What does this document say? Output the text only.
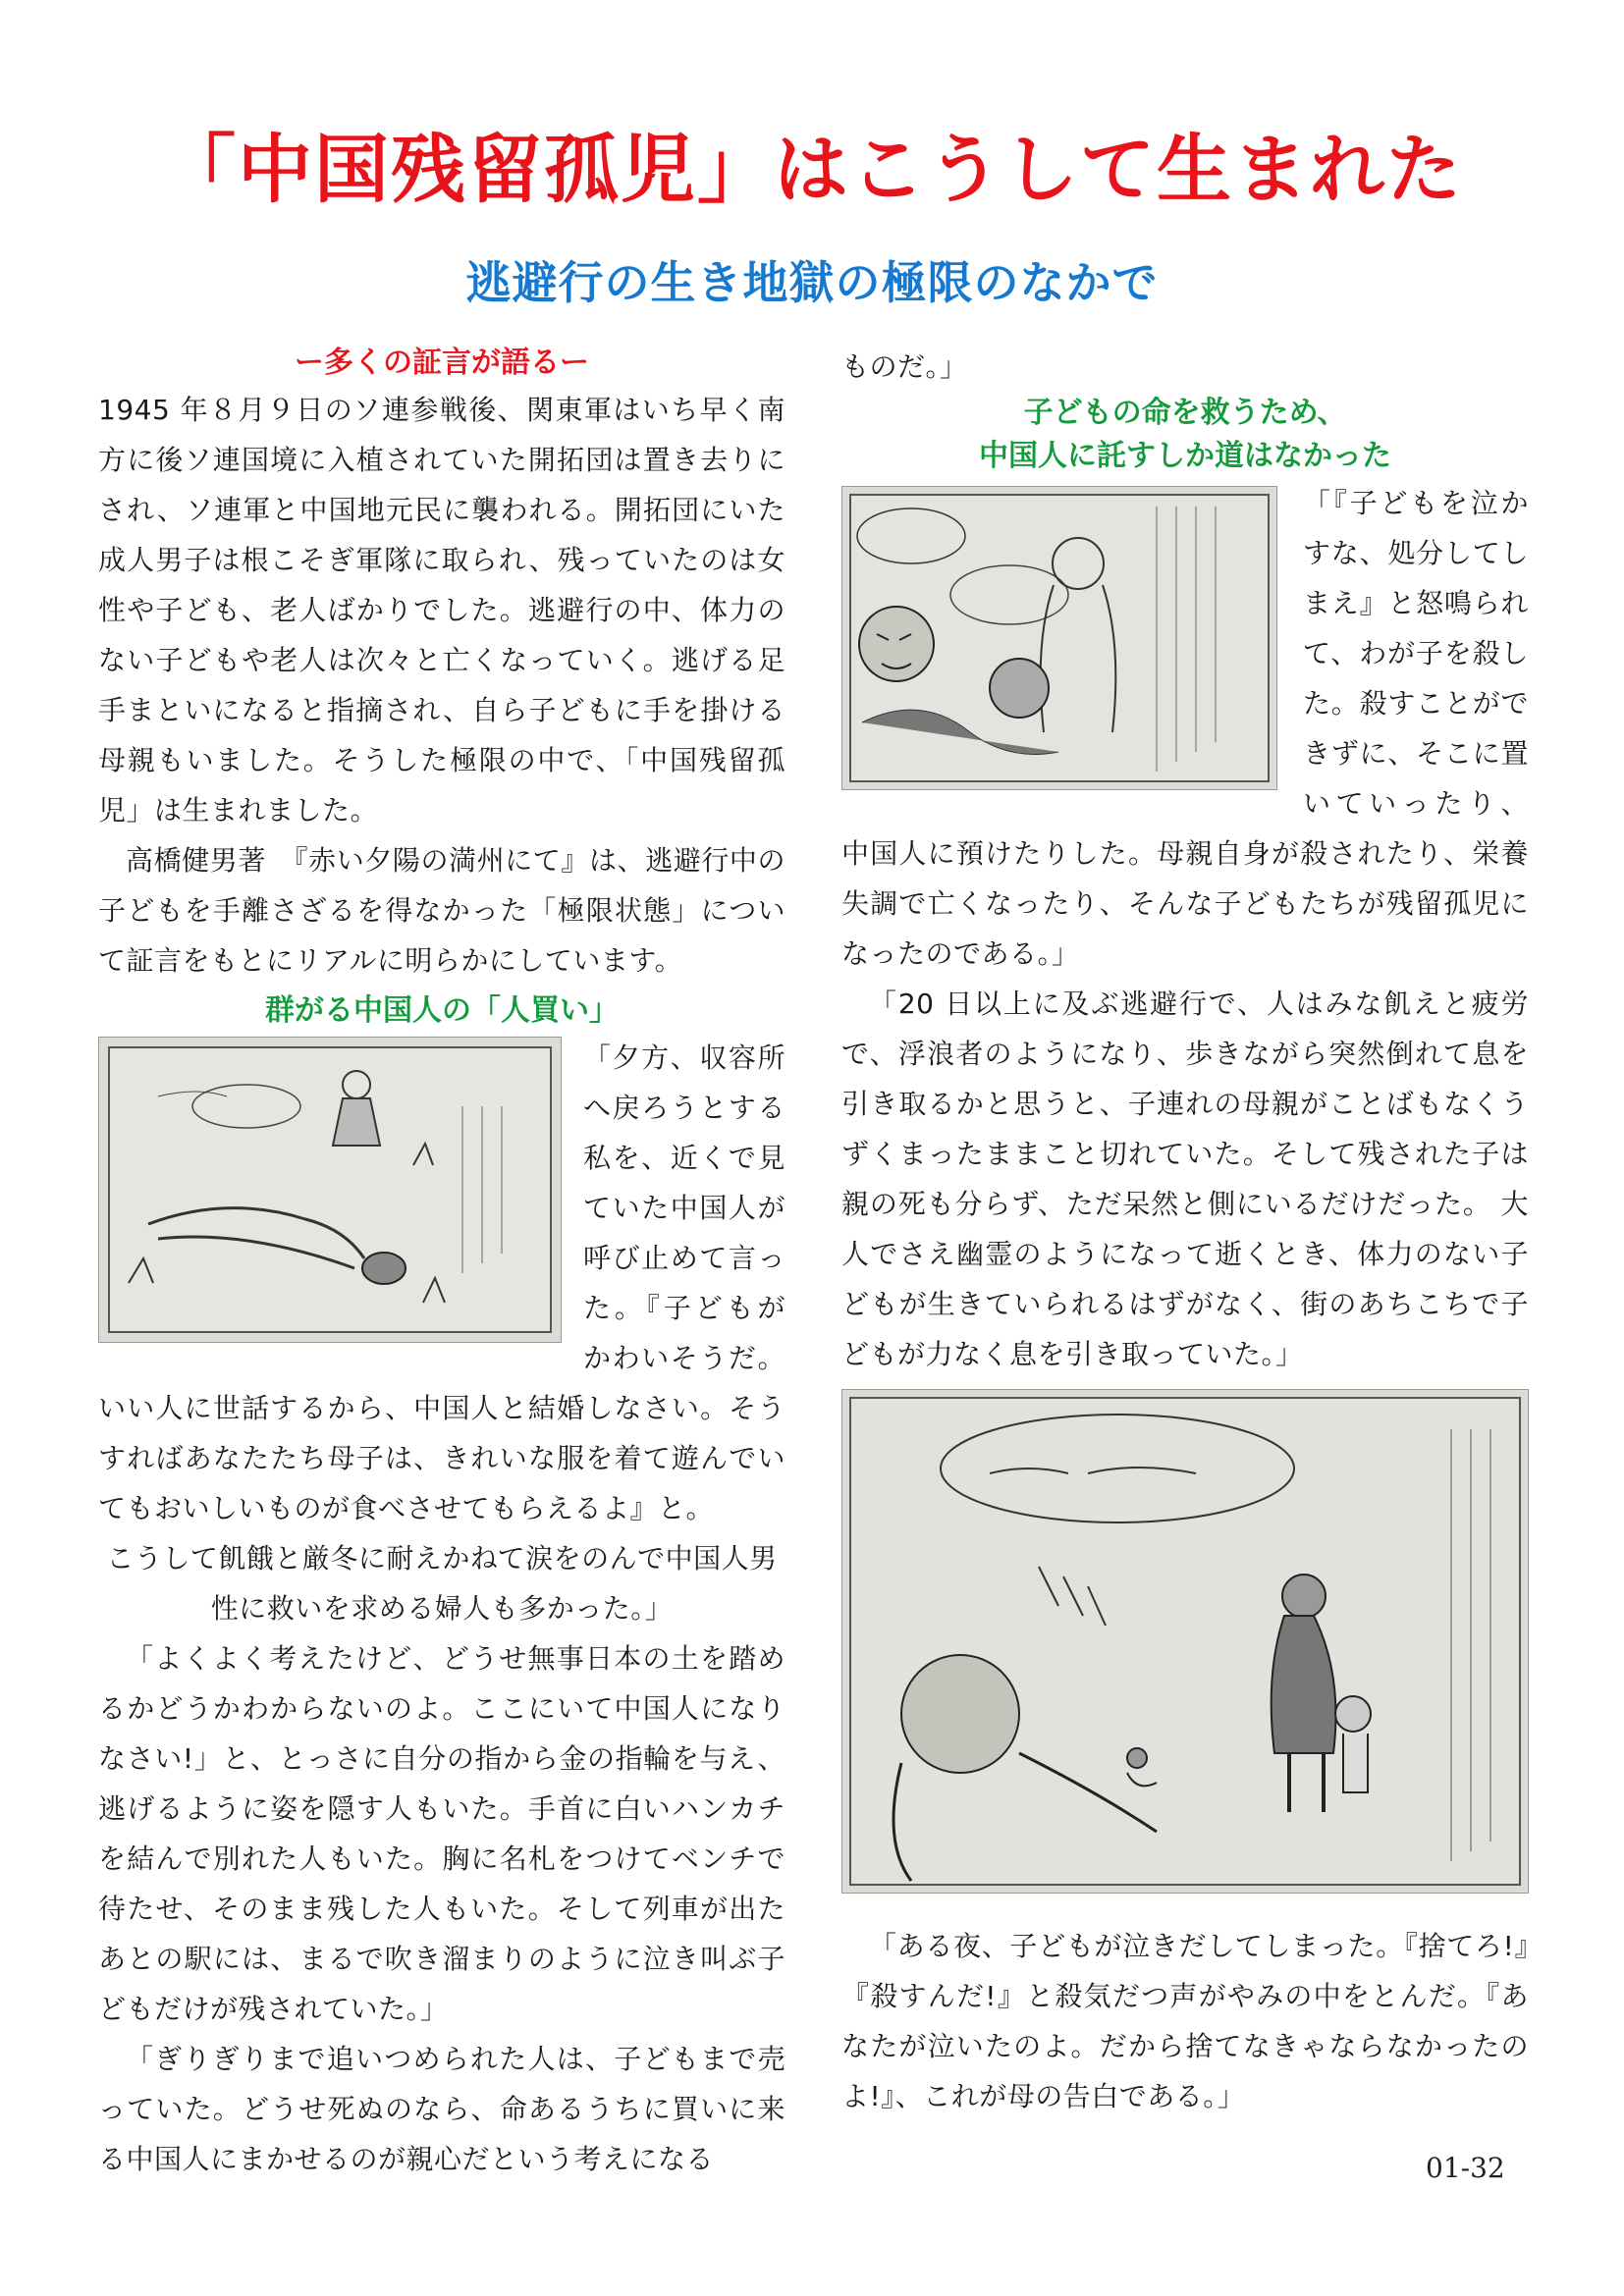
「中国残留孤児」はこうして生まれた
逃避行の生き地獄の極限のなかで
ー多くの証言が語るー

1945 年８月９日のソ連参戦後、関東軍はいち早く南方に後ソ連国境に入植されていた開拓団は置き去りにされ、ソ連軍と中国地元民に襲われる。開拓団にいた成人男子は根こそぎ軍隊に取られ、残っていたのは女性や子ども、老人ばかりでした。逃避行の中、体力のない子どもや老人は次々と亡くなっていく。逃げる足手まといになると指摘され、自ら子どもに手を掛ける母親もいました。そうした極限の中で、「中国残留孤児」は生まれました。

高橋健男著　『赤い夕陽の満州にて』は、逃避行中の子どもを手離さざるを得なかった「極限状態」について証言をもとにリアルに明らかにしています。

群がる中国人の「人買い」

「夕方、収容所へ戻ろうとする私を、近くで見ていた中国人が呼び止めて言った。『子どもがかわいそうだ。いい人に世話するから、中国人と結婚しなさい。そうすればあなたたち母子は、きれいな服を着て遊んでいてもおいしいものが食べさせてもらえるよ』と。

こうして飢餓と厳冬に耐えかねて涙をのんで中国人男性に救いを求める婦人も多かった。」

「よくよく考えたけど、どうせ無事日本の土を踏めるかどうかわからないのよ。ここにいて中国人になりなさい!」と、とっさに自分の指から金の指輪を与え、逃げるように姿を隠す人もいた。手首に白いハンカチを結んで別れた人もいた。胸に名札をつけてベンチで待たせ、そのまま残した人もいた。そして列車が出たあとの駅には、まるで吹き溜まりのように泣き叫ぶ子どもだけが残されていた。」

「ぎりぎりまで追いつめられた人は、子どもまで売っていた。どうせ死ぬのなら、命あるうちに買いに来る中国人にまかせるのが親心だという考えになる

ものだ。」

子どもの命を救うため、
中国人に託すしか道はなかった

「『子どもを泣かすな、処分してしまえ』と怒鳴られて、わが子を殺した。殺すことができずに、そこに置いていったり、 中国人に預けたりした。母親自身が殺されたり、栄養失調で亡くなったり、そんな子どもたちが残留孤児になったのである。」

「20 日以上に及ぶ逃避行で、人はみな飢えと疲労で、浮浪者のようになり、歩きながら突然倒れて息を引き取るかと思うと、子連れの母親がことばもなくうずくまったままこと切れていた。そして残された子は親の死も分らず、ただ呆然と側にいるだけだった。 大人でさえ幽霊のようになって逝くとき、体力のない子どもが生きていられるはずがなく、街のあちこちで子どもが力なく息を引き取っていた。」

「ある夜、子どもが泣きだしてしまった。『捨てろ!』『殺すんだ!』と殺気だつ声がやみの中をとんだ。『あなたが泣いたのよ。だから捨てなきゃならなかったのよ!』、これが母の告白である。」

01-32
